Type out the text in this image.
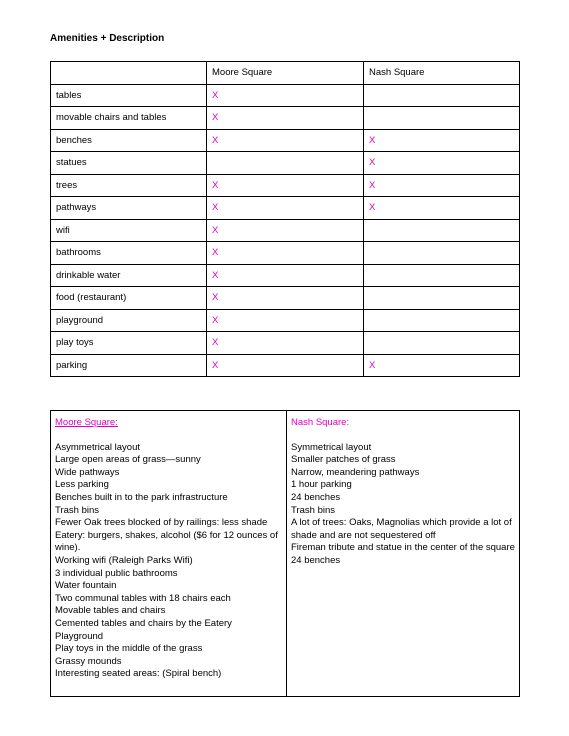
Amenities + Description
	Moore Square	Nash Square
tables	X	
movable chairs and tables	X	
benches	X	X
statues		X
trees	X	X
pathways	X	X
wifi	X	
bathrooms	X	
drinkable water	X	
food (restaurant)	X	
playground	X	
play toys	X	
parking	X	X
Moore Square:
Asymmetrical layout
Large open areas of grass—sunny
Wide pathways
Less parking
Benches built in to the park infrastructure
Trash bins
Fewer Oak trees blocked of by railings: less shade
Eatery: burgers, shakes, alcohol ($6 for 12 ounces of wine).
Working wifi (Raleigh Parks Wifi)
3 individual public bathrooms
Water fountain
Two communal tables with 18 chairs each
Movable tables and chairs
Cemented tables and chairs by the Eatery
Playground
Play toys in the middle of the grass
Grassy mounds
Interesting seated areas: (Spiral bench)

Nash Square:
Symmetrical layout
Smaller patches of grass
Narrow, meandering pathways
1 hour parking
24 benches
Trash bins
A lot of trees: Oaks, Magnolias which provide a lot of shade and are not sequestered off
Fireman tribute and statue in the center of the square
24 benches
